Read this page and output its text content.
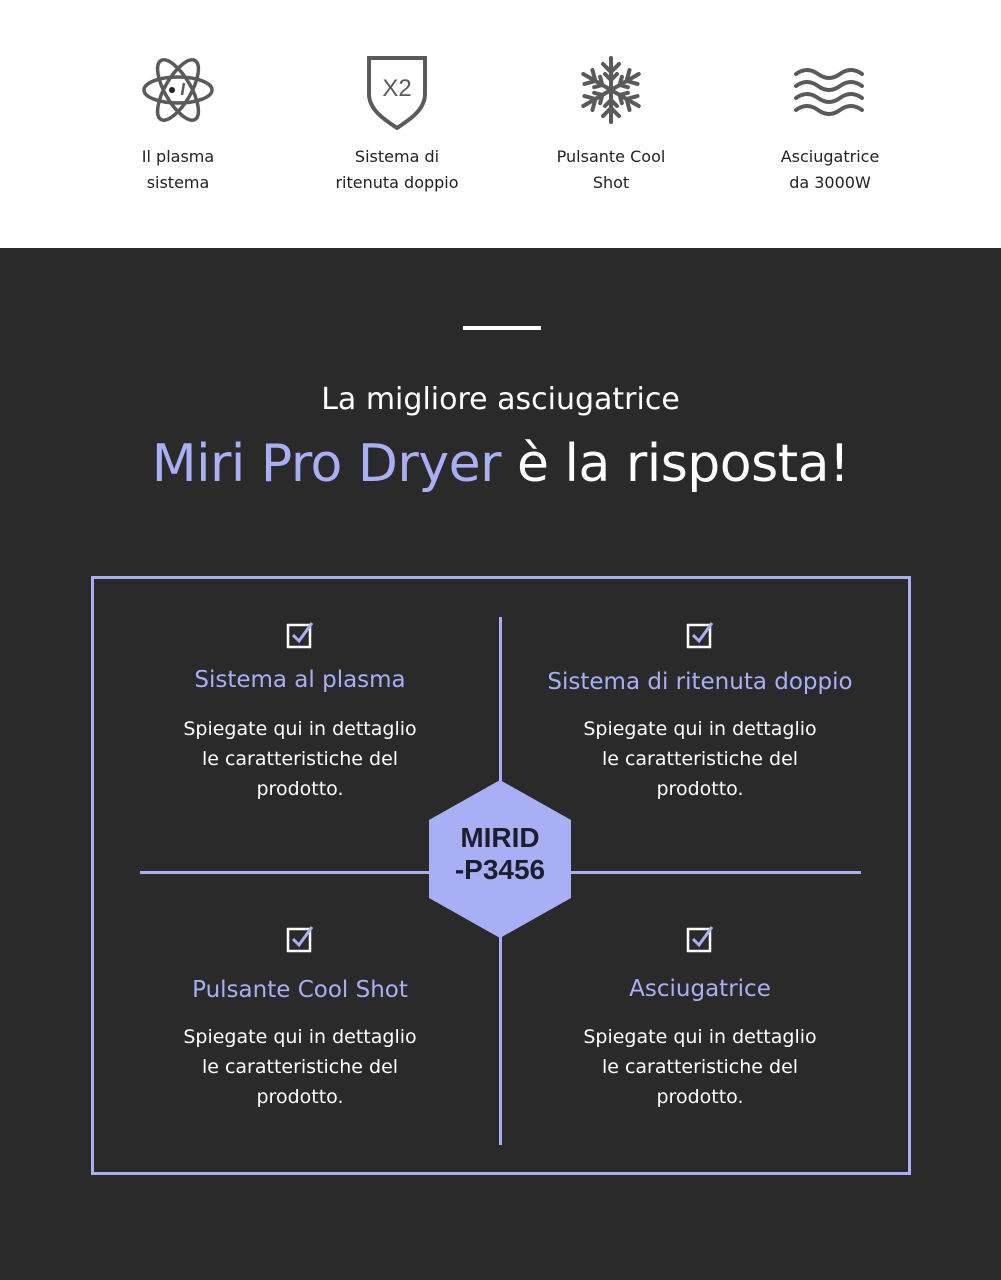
Il plasma
sistema
X2
Sistema di
ritenuta doppio
Pulsante Cool
Shot
Asciugatrice
da 3000W
La migliore asciugatrice
Miri Pro Dryer è la risposta!
Sistema al plasma
Spiegate qui in dettaglio
le caratteristiche del
prodotto.
Sistema di ritenuta doppio
Spiegate qui in dettaglio
le caratteristiche del
prodotto.
Pulsante Cool Shot
Spiegate qui in dettaglio
le caratteristiche del
prodotto.
Asciugatrice
Spiegate qui in dettaglio
le caratteristiche del
prodotto.
MIRID
-P3456
